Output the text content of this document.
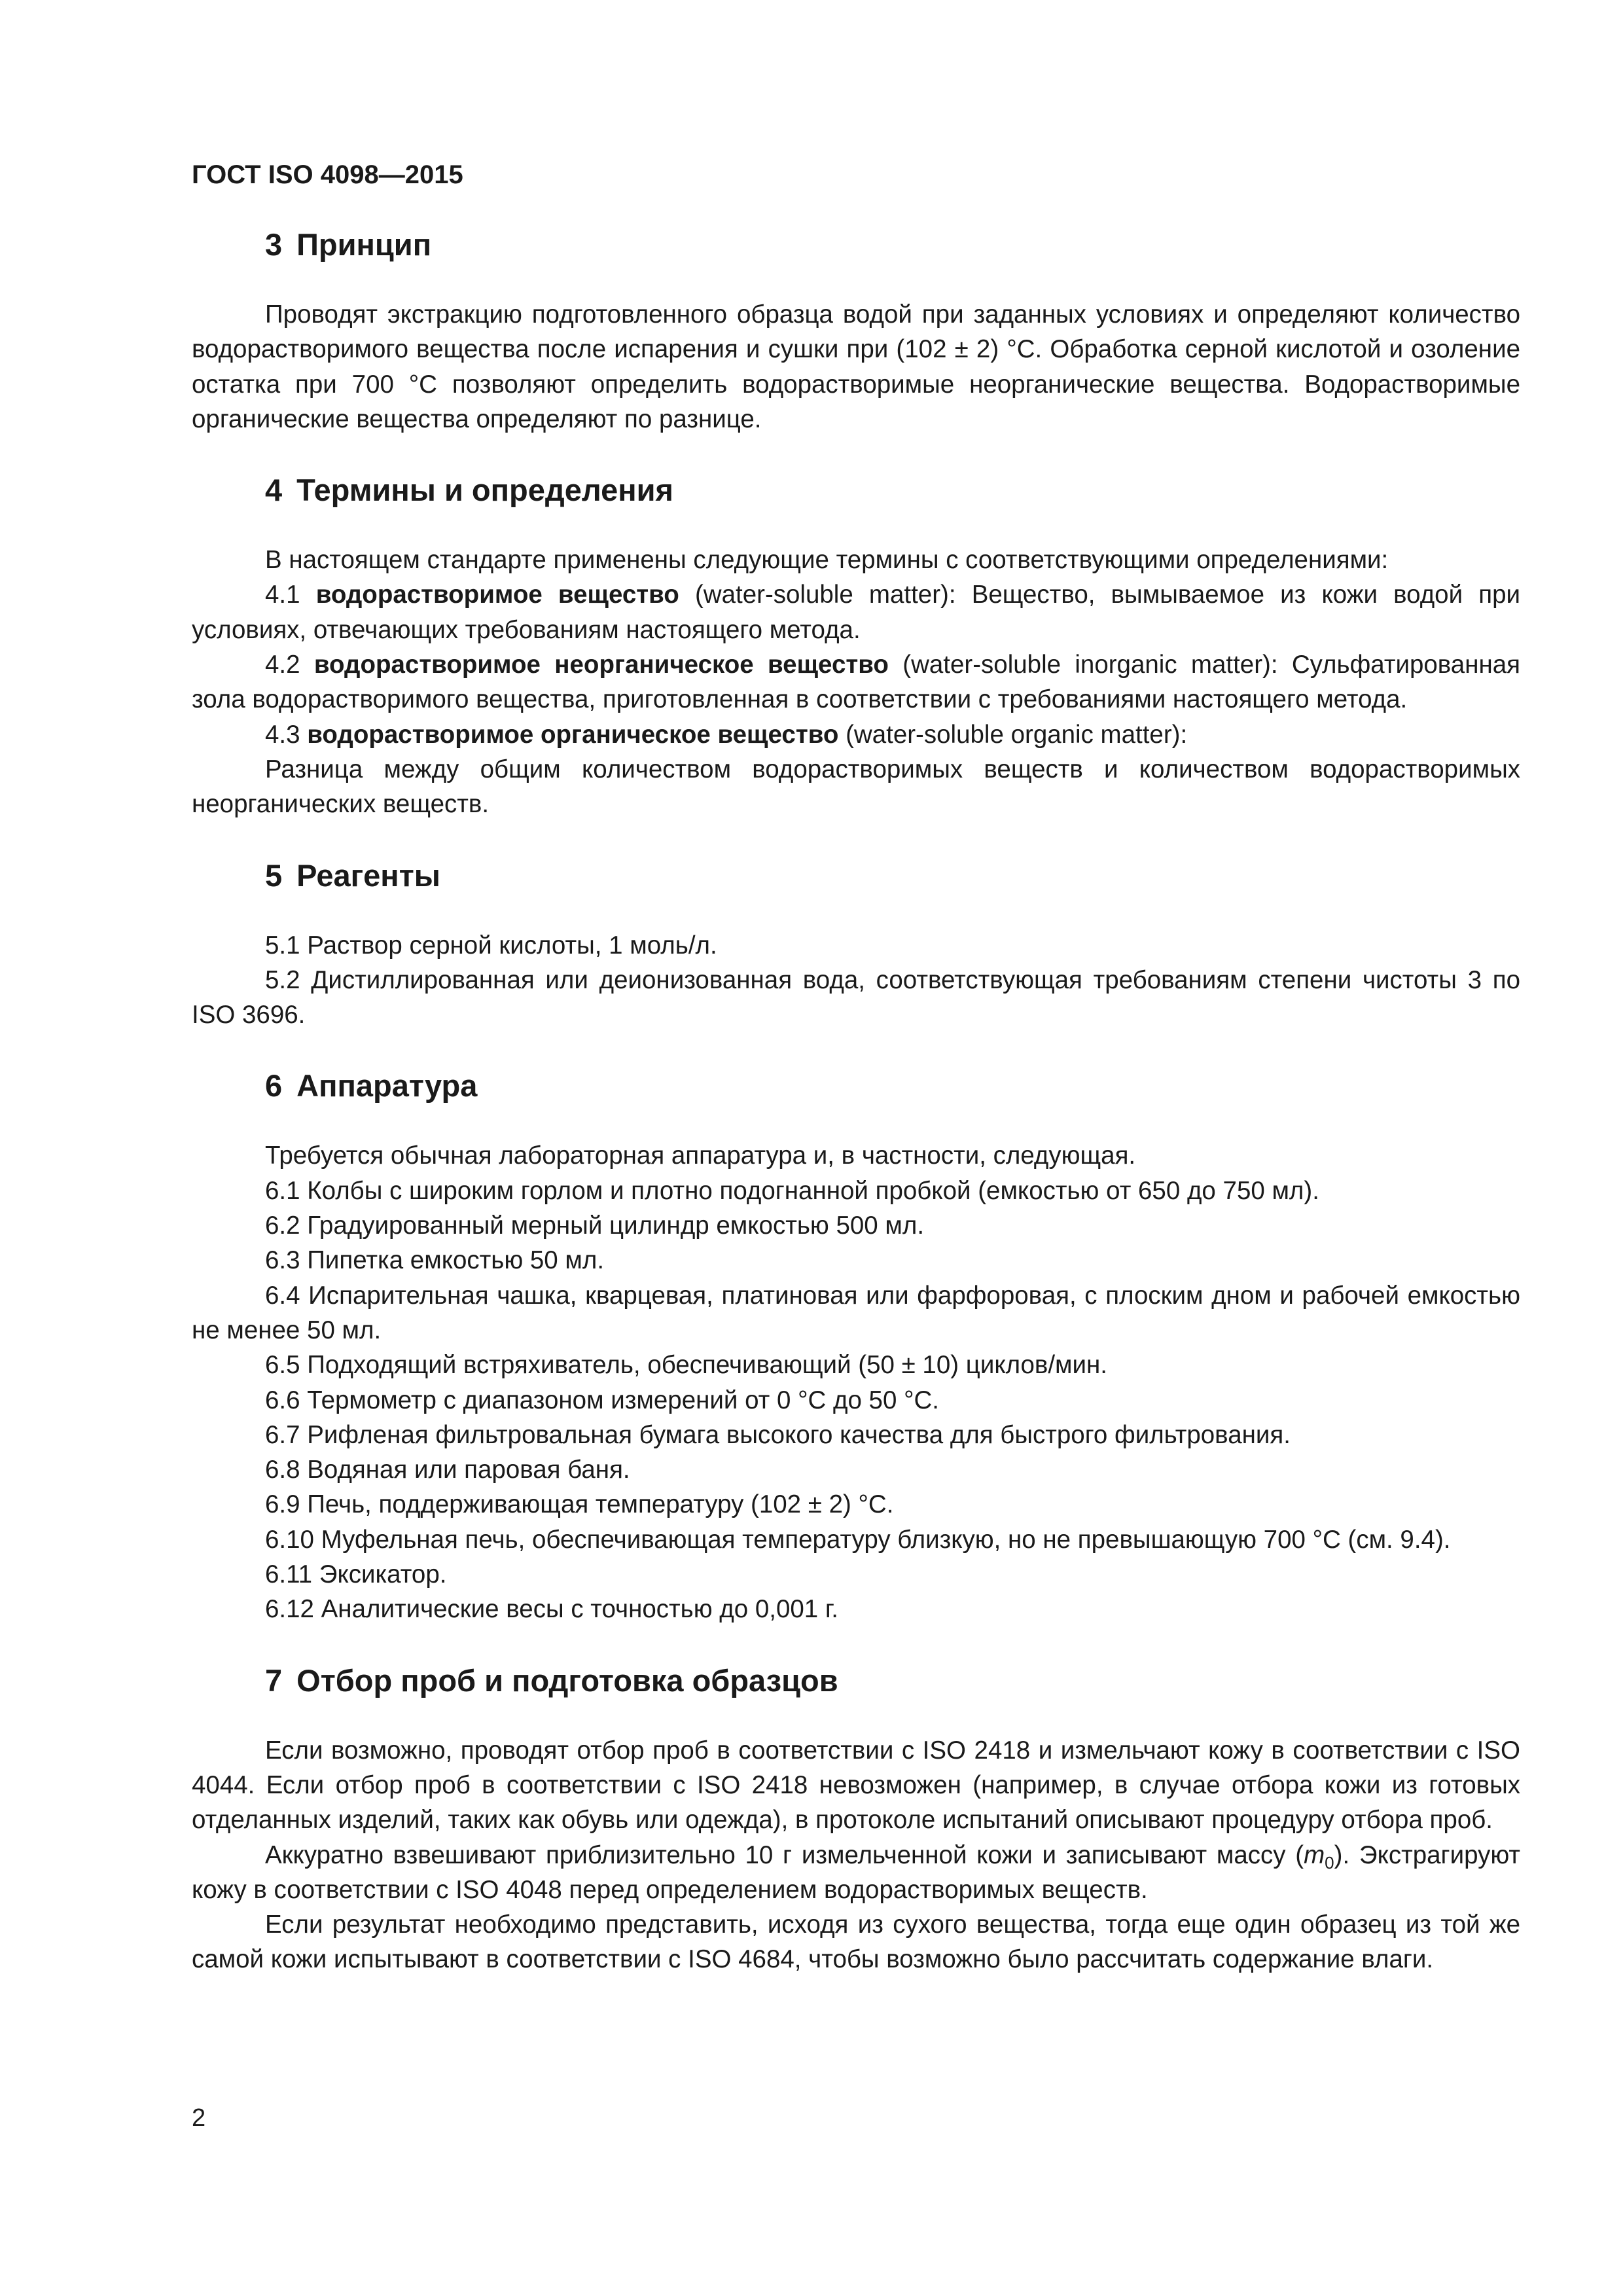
ГОСТ ISO 4098—2015
3 Принцип

Проводят экстракцию подготовленного образца водой при заданных условиях и определяют количество водорастворимого вещества после испарения и сушки при (102 ± 2) °С. Обработка серной кислотой и озоление остатка при 700 °С позволяют определить водорастворимые неорганические вещества. Водорастворимые органические вещества определяют по разнице.

4 Термины и определения

В настоящем стандарте применены следующие термины с соответствующими определениями:

4.1 водорастворимое вещество (water-soluble matter): Вещество, вымываемое из кожи водой при условиях, отвечающих требованиям настоящего метода.

4.2 водорастворимое неорганическое вещество (water-soluble inorganic matter): Сульфатированная зола водорастворимого вещества, приготовленная в соответствии с требованиями настоящего метода.

4.3 водорастворимое органическое вещество (water-soluble organic matter):

Разница между общим количеством водорастворимых веществ и количеством водорастворимых неорганических веществ.

5 Реагенты

5.1 Раствор серной кислоты, 1 моль/л.

5.2 Дистиллированная или деионизованная вода, соответствующая требованиям степени чистоты 3 по ISO 3696.

6 Аппаратура

Требуется обычная лабораторная аппаратура и, в частности, следующая.

6.1 Колбы с широким горлом и плотно подогнанной пробкой (емкостью от 650 до 750 мл).

6.2 Градуированный мерный цилиндр емкостью 500 мл.

6.3 Пипетка емкостью 50 мл.

6.4 Испарительная чашка, кварцевая, платиновая или фарфоровая, с плоским дном и рабочей емкостью не менее 50 мл.

6.5 Подходящий встряхиватель, обеспечивающий (50 ± 10) циклов/мин.

6.6 Термометр с диапазоном измерений от 0 °С до 50 °С.

6.7 Рифленая фильтровальная бумага высокого качества для быстрого фильтрования.

6.8 Водяная или паровая баня.

6.9 Печь, поддерживающая температуру (102 ± 2) °С.

6.10 Муфельная печь, обеспечивающая температуру близкую, но не превышающую 700 °С (см. 9.4).

6.11 Эксикатор.

6.12 Аналитические весы с точностью до 0,001 г.

7 Отбор проб и подготовка образцов

Если возможно, проводят отбор проб в соответствии с ISO 2418 и измельчают кожу в соответствии с ISO 4044. Если отбор проб в соответствии с ISO 2418 невозможен (например, в случае отбора кожи из готовых отделанных изделий, таких как обувь или одежда), в протоколе испытаний описывают процедуру отбора проб.

Аккуратно взвешивают приблизительно 10 г измельченной кожи и записывают массу $(m_0)$. Экстрагируют кожу в соответствии с ISO 4048 перед определением водорастворимых веществ.

Если результат необходимо представить, исходя из сухого вещества, тогда еще один образец из той же самой кожи испытывают в соответствии с ISO 4684, чтобы возможно было рассчитать содержание влаги.

2
